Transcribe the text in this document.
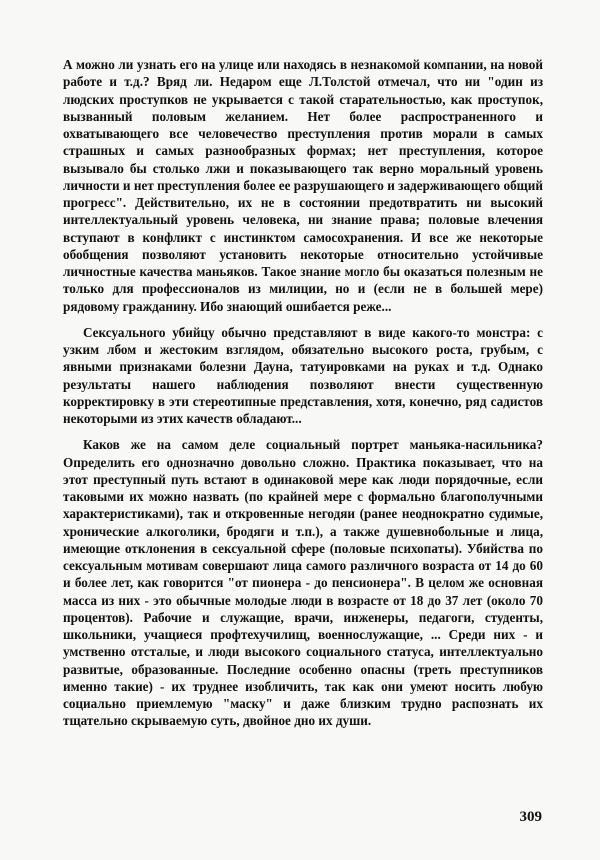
А можно ли узнать его на улице или находясь в незнакомой компании, на новой работе и т.д.? Вряд ли. Недаром еще Л.Толстой отмечал, что ни "один из людских проступков не укрывается с такой старательностью, как проступок, вызванный половым желанием. Нет более распространенного и охватывающего все человечество преступления против морали в самых страшных и самых разнообразных формах; нет преступления, которое вызывало бы столько лжи и показывающего так верно моральный уровень личности и нет преступления более ее разрушающего и задерживающего общий прогресс". Действительно, их не в состоянии предотвратить ни высокий интеллектуальный уровень человека, ни знание права; половые влечения вступают в конфликт с инстинктом самосохранения. И все же некоторые обобщения позволяют установить некоторые относительно устойчивые личностные качества маньяков. Такое знание могло бы оказаться полезным не только для профессионалов из милиции, но и (если не в большей мере) рядовому гражданину. Ибо знающий ошибается реже...

Сексуального убийцу обычно представляют в виде какого-то монстра: с узким лбом и жестоким взглядом, обязательно высокого роста, грубым, с явными признаками болезни Дауна, татуировками на руках и т.д. Однако результаты нашего наблюдения позволяют внести существенную корректировку в эти стереотипные представления, хотя, конечно, ряд садистов некоторыми из этих качеств обладают...

Каков же на самом деле социальный портрет маньяка-насильника? Определить его однозначно довольно сложно. Практика показывает, что на этот преступный путь встают в одинаковой мере как люди порядочные, если таковыми их можно назвать (по крайней мере с формально благополучными характеристиками), так и откровенные негодяи (ранее неоднократно судимые, хронические алкоголики, бродяги и т.п.), а также душевнобольные и лица, имеющие отклонения в сексуальной сфере (половые психопаты). Убийства по сексуальным мотивам совершают лица самого различного возраста от 14 до 60 и более лет, как говорится "от пионера - до пенсионера". В целом же основная масса из них - это обычные молодые люди в возрасте от 18 до 37 лет (около 70 процентов). Рабочие и служащие, врачи, инженеры, педагоги, студенты, школьники, учащиеся профтехучилищ, военнослужащие, ... Среди них - и умственно отсталые, и люди высокого социального статуса, интеллектуально развитые, образованные. Последние особенно опасны (треть преступников именно такие) - их труднее изобличить, так как они умеют носить любую социально приемлемую "маску" и даже близким трудно распознать их тщательно скрываемую суть, двойное дно их души.

309
